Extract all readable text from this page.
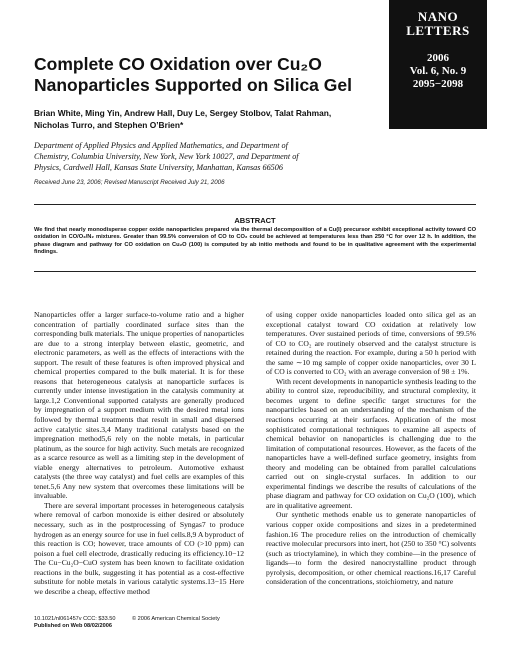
NANO
LETTERS
2006
Vol. 6, No. 9
2095−2098
Complete CO Oxidation over Cu₂O
Nanoparticles Supported on Silica Gel
Brian White, Ming Yin, Andrew Hall, Duy Le, Sergey Stolbov, Talat Rahman,
Nicholas Turro, and Stephen O’Brien*
Department of Applied Physics and Applied Mathematics, and Department of
Chemistry, Columbia University, New York, New York 10027, and Department of
Physics, Cardwell Hall, Kansas State University, Manhattan, Kansas 66506
Received June 23, 2006; Revised Manuscript Received July 21, 2006
ABSTRACT
We find that nearly monodisperse copper oxide nanoparticles prepared via the thermal decomposition of a Cu(I) precursor exhibit exceptional activity toward CO oxidation in CO/O₂/N₂ mixtures. Greater than 99.5% conversion of CO to CO₂ could be achieved at temperatures less than 250 °C for over 12 h. In addition, the phase diagram and pathway for CO oxidation on Cu₂O (100) is computed by ab initio methods and found to be in qualitative agreement with the experimental findings.

Nanoparticles offer a larger surface-to-volume ratio and a higher concentration of partially coordinated surface sites than the corresponding bulk materials. The unique properties of nanoparticles are due to a strong interplay between elastic, geometric, and electronic parameters, as well as the effects of interactions with the support. The result of these features is often improved physical and chemical properties compared to the bulk material. It is for these reasons that heterogeneous catalysis at nanoparticle surfaces is currently under intense investigation in the catalysis community at large.1,2 Conventional supported catalysts are generally produced by impregnation of a support medium with the desired metal ions followed by thermal treatments that result in small and dispersed active catalytic sites.3,4 Many traditional catalysts based on the impregnation method5,6 rely on the noble metals, in particular platinum, as the source for high activity. Such metals are recognized as a scarce resource as well as a limiting step in the development of viable energy alternatives to petroleum. Automotive exhaust catalysts (the three way catalyst) and fuel cells are examples of this tenet.5,6 Any new system that overcomes these limitations will be invaluable.

There are several important processes in heterogeneous catalysis where removal of carbon monoxide is either desired or absolutely necessary, such as in the postprocessing of Syngas7 to produce hydrogen as an energy source for use in fuel cells.8,9 A byproduct of this reaction is CO; however, trace amounts of CO (>10 ppm) can poison a fuel cell electrode, drastically reducing its efficiency.10−12 The Cu−Cu₂O−CuO system has been known to facilitate oxidation reactions in the bulk, suggesting it has potential as a cost-effective substitute for noble metals in various catalytic systems.13−15 Here we describe a cheap, effective method

of using copper oxide nanoparticles loaded onto silica gel as an exceptional catalyst toward CO oxidation at relatively low temperatures. Over sustained periods of time, conversions of 99.5% of CO to CO₂ are routinely observed and the catalyst structure is retained during the reaction. For example, during a 50 h period with the same ∼10 mg sample of copper oxide nanoparticles, over 30 L of CO is converted to CO₂ with an average conversion of 98 ± 1%.

With recent developments in nanoparticle synthesis leading to the ability to control size, reproducibility, and structural complexity, it becomes urgent to define specific target structures for the nanoparticles based on an understanding of the mechanism of the reactions occurring at their surfaces. Application of the most sophisticated computational techniques to examine all aspects of chemical behavior on nanoparticles is challenging due to the limitation of computational resources. However, as the facets of the nanoparticles have a well-defined surface geometry, insights from theory and modeling can be obtained from parallel calculations carried out on single-crystal surfaces. In addition to our experimental findings we describe the results of calculations of the phase diagram and pathway for CO oxidation on Cu₂O (100), which are in qualitative agreement.

Our synthetic methods enable us to generate nanoparticles of various copper oxide compositions and sizes in a predetermined fashion.16 The procedure relies on the introduction of chemically reactive molecular precursors into inert, hot (250 to 350 °C) solvents (such as trioctylamine), in which they combine—in the presence of ligands—to form the desired nanocrystalline product through pyrolysis, decomposition, or other chemical reactions.16,17 Careful consideration of the concentrations, stoichiometry, and nature

10.1021/nl061457v CCC: $33.50
Published on Web 08/02/2006
© 2006 American Chemical Society
